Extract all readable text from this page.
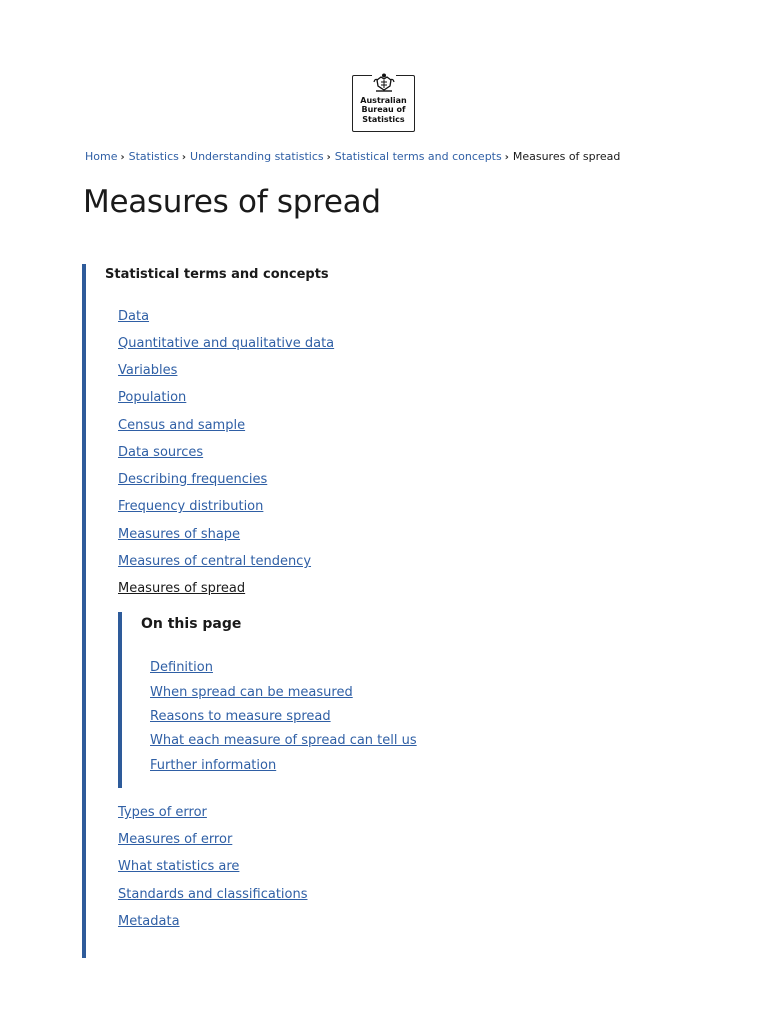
Australian
Bureau of
Statistics
Home › Statistics › Understanding statistics › Statistical terms and concepts › Measures of spread
Measures of spread
Statistical terms and concepts
Data
Quantitative and qualitative data
Variables
Population
Census and sample
Data sources
Describing frequencies
Frequency distribution
Measures of shape
Measures of central tendency
Measures of spread
On this page
Definition
When spread can be measured
Reasons to measure spread
What each measure of spread can tell us
Further information
Types of error
Measures of error
What statistics are
Standards and classifications
Metadata
